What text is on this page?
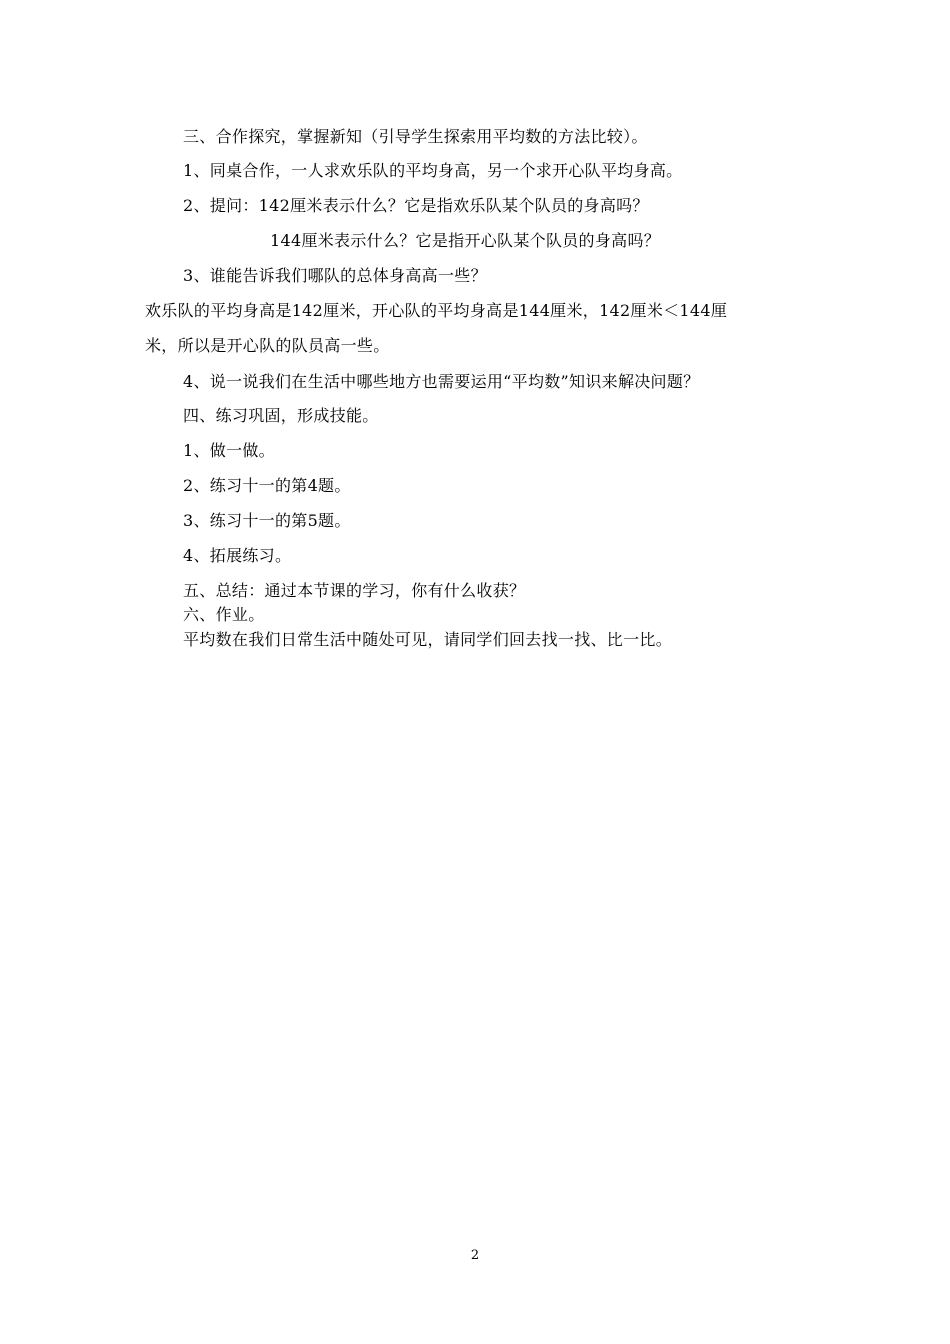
三、合作探究，掌握新知（引导学生探索用平均数的方法比较）。
1、同桌合作，一人求欢乐队的平均身高，另一个求开心队平均身高。
2、提问：142厘米表示什么？它是指欢乐队某个队员的身高吗？
144厘米表示什么？它是指开心队某个队员的身高吗？
3、谁能告诉我们哪队的总体身高高一些？
欢乐队的平均身高是142厘米，开心队的平均身高是144厘米，142厘米＜144厘
米，所以是开心队的队员高一些。
4、说一说我们在生活中哪些地方也需要运用“平均数”知识来解决问题？
四、练习巩固，形成技能。
1、做一做。
2、练习十一的第4题。
3、练习十一的第5题。
4、拓展练习。
五、总结：通过本节课的学习，你有什么收获？
六、作业。
平均数在我们日常生活中随处可见，请同学们回去找一找、比一比。
2
